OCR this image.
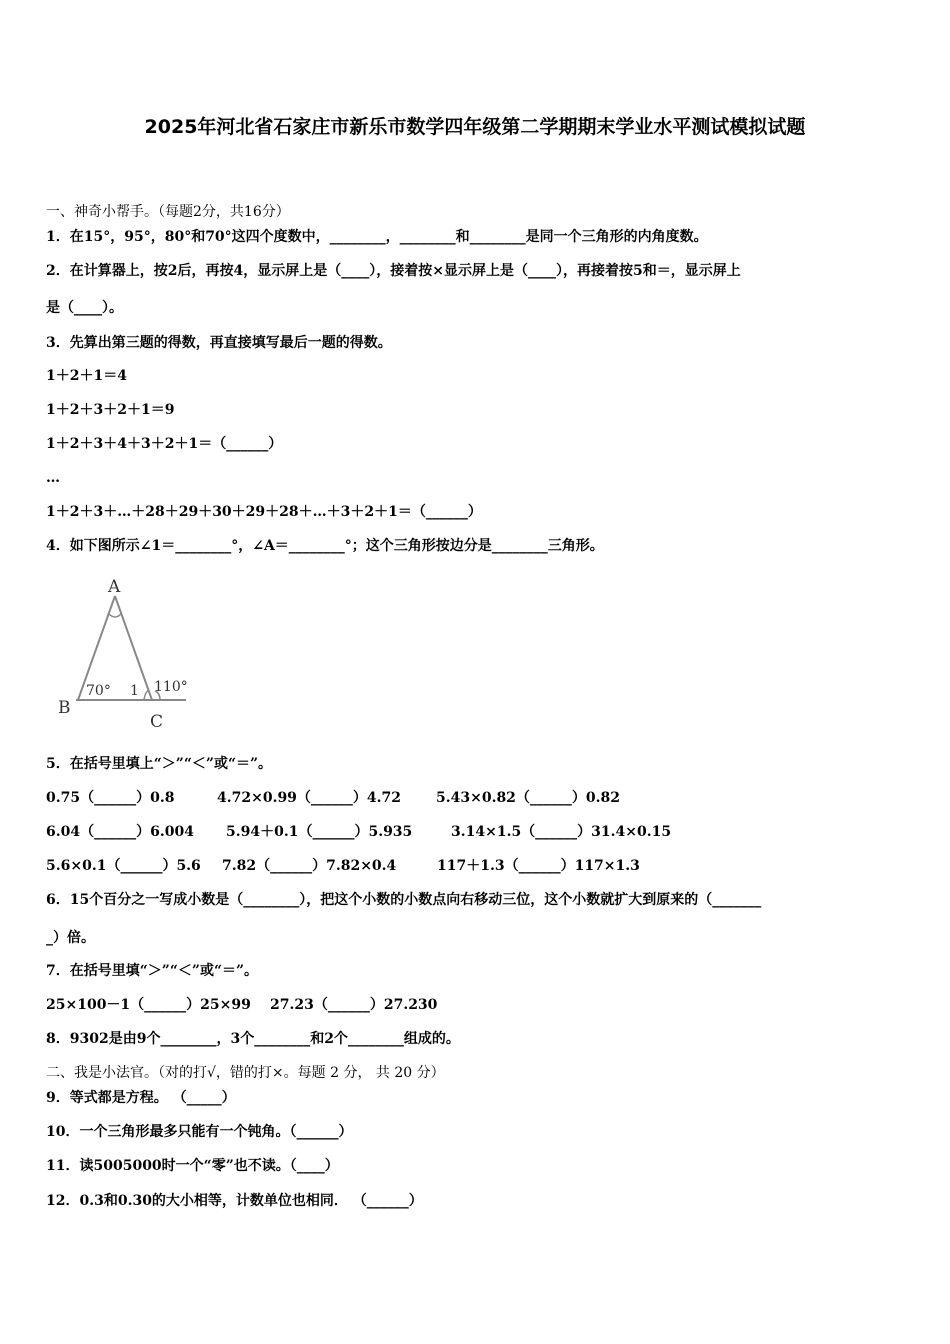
2025年河北省石家庄市新乐市数学四年级第二学期期末学业水平测试模拟试题
一、神奇小帮手。（每题2分，共16分）
1．在15°，95°，80°和70°这四个度数中，________，________和________是同一个三角形的内角度数。
2．在计算器上，按2后，再按4，显示屏上是（____），接着按×显示屏上是（____），再接着按5和＝，显示屏上
是（____）。
3．先算出第三题的得数，再直接填写最后一题的得数。
1＋2＋1＝4
1＋2＋3＋2＋1＝9
1＋2＋3＋4＋3＋2＋1＝（______）
…
1＋2＋3＋…＋28＋29＋30＋29＋28＋…＋3＋2＋1＝（______）
4．如下图所示∠1＝________°，∠A＝________°；这个三角形按边分是________三角形。
A
B
C
70° 1 110°
5．在括号里填上“＞”“＜”或“＝”。
0.75（______）0.8	4.72×0.99（______）4.72 5.43×0.82（______）0.82
6.04（______）6.004 5.94＋0.1（______）5.935	3.14×1.5（______）31.4×0.15
5.6×0.1（______）5.6 7.82（______）7.82×0.4	117＋1.3（______）117×1.3
6．15个百分之一写成小数是（________），把这个小数的小数点向右移动三位，这个小数就扩大到原来的（_______
_）倍。
7．在括号里填“＞”“＜”或“＝”。
25×100－1（______）25×99 27.23（______）27.230
8．9302是由9个________，3个________和2个________组成的。
二、我是小法官。（对的打√，错的打×。每题 2 分， 共 20 分）
9．等式都是方程。 （_____）
10．一个三角形最多只能有一个钝角。（______）
11．读5005000时一个“零”也不读。（____）
12．0.3和0.30的大小相等，计数单位也相同． （______）
